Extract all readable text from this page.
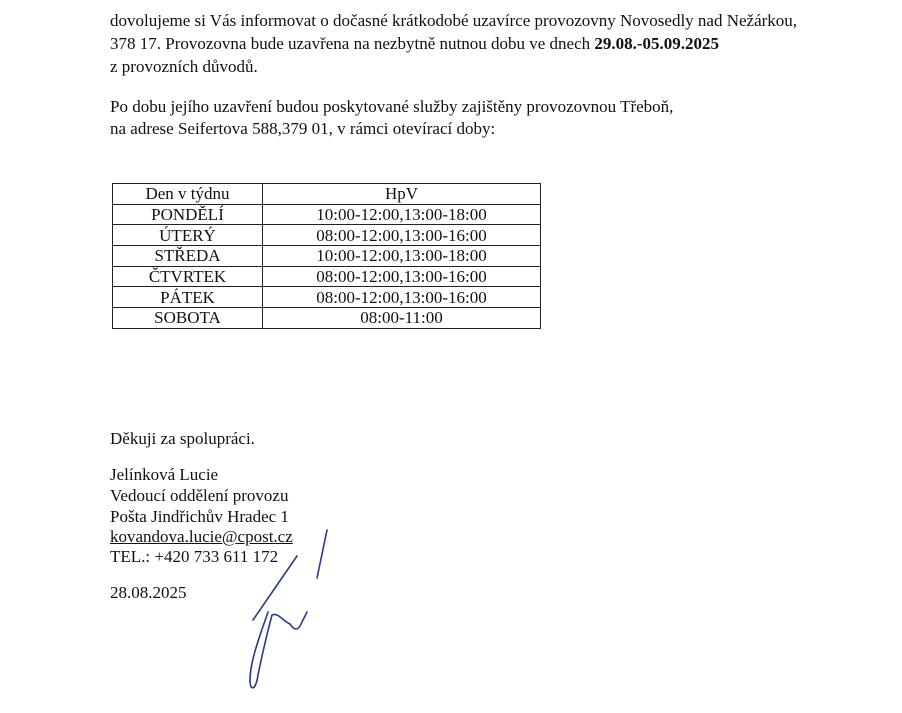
dovolujeme si Vás informovat o dočasné krátkodobé uzavírce provozovny Novosedly nad Nežárkou,
378 17. Provozovna bude uzavřena na nezbytně nutnou dobu ve dnech 29.08.-05.09.2025
z provozních důvodů.
Po dobu jejího uzavření budou poskytované služby zajištěny provozovnou Třeboň,
na adrese Seifertova 588,379 01, v rámci otevírací doby:
Den v týdnu	HpV
PONDĚLÍ	10:00-12:00,13:00-18:00
ÚTERÝ	08:00-12:00,13:00-16:00
STŘEDA	10:00-12:00,13:00-18:00
ČTVRTEK	08:00-12:00,13:00-16:00
PÁTEK	08:00-12:00,13:00-16:00
SOBOTA	08:00-11:00
Děkuji za spolupráci.
Jelínková Lucie
Vedoucí oddělení provozu
Pošta Jindřichův Hradec 1
kovandova.lucie@cpost.cz
TEL.: +420 733 611 172
28.08.2025
